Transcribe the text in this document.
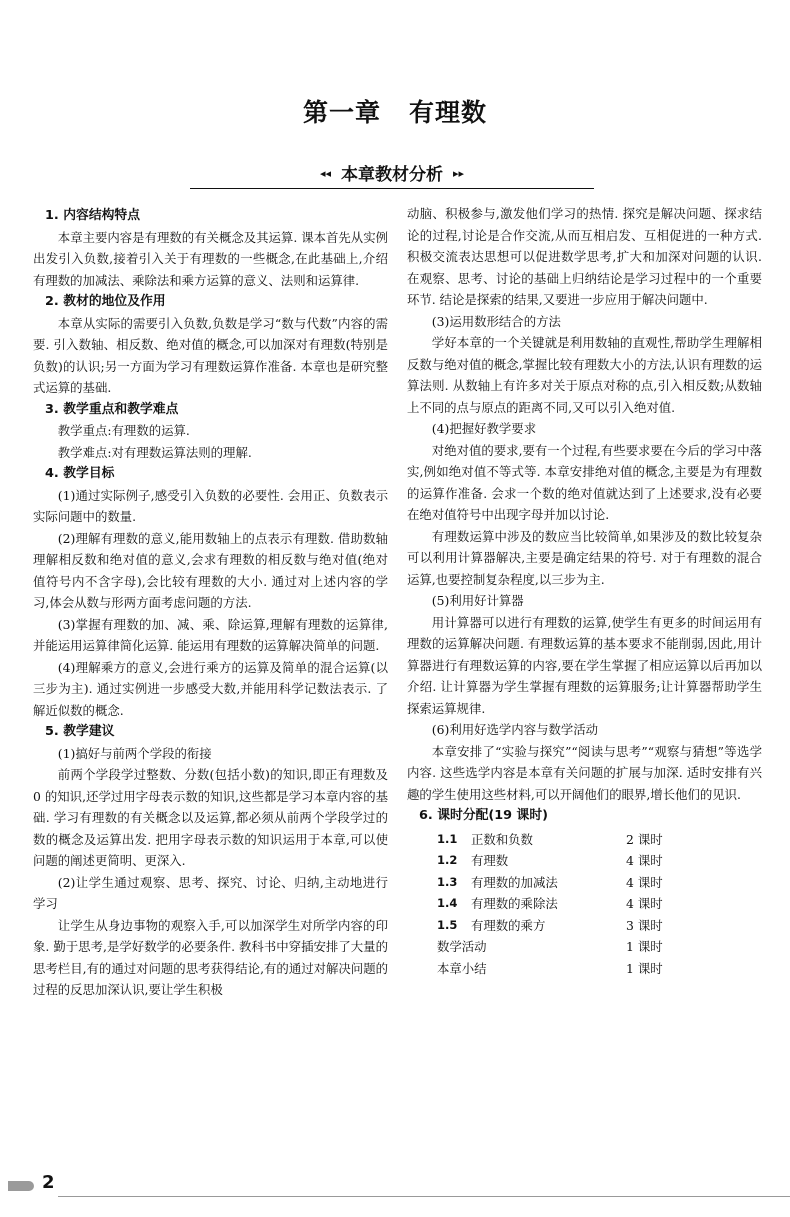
第一章 有理数
◂◂ 本章教材分析 ▸▸
1. 内容结构特点

本章主要内容是有理数的有关概念及其运算. 课本首先从实例出发引入负数,接着引入关于有理数的一些概念,在此基础上,介绍有理数的加减法、乘除法和乘方运算的意义、法则和运算律.

2. 教材的地位及作用

本章从实际的需要引入负数,负数是学习“数与代数”内容的需要. 引入数轴、相反数、绝对值的概念,可以加深对有理数(特别是负数)的认识;另一方面为学习有理数运算作准备. 本章也是研究整式运算的基础.

3. 教学重点和教学难点

教学重点:有理数的运算.

教学难点:对有理数运算法则的理解.

4. 教学目标

(1)通过实际例子,感受引入负数的必要性. 会用正、负数表示实际问题中的数量.

(2)理解有理数的意义,能用数轴上的点表示有理数. 借助数轴理解相反数和绝对值的意义,会求有理数的相反数与绝对值(绝对值符号内不含字母),会比较有理数的大小. 通过对上述内容的学习,体会从数与形两方面考虑问题的方法.

(3)掌握有理数的加、减、乘、除运算,理解有理数的运算律,并能运用运算律简化运算. 能运用有理数的运算解决简单的问题.

(4)理解乘方的意义,会进行乘方的运算及简单的混合运算(以三步为主). 通过实例进一步感受大数,并能用科学记数法表示. 了解近似数的概念.

5. 教学建议

(1)搞好与前两个学段的衔接

前两个学段学过整数、分数(包括小数)的知识,即正有理数及 0 的知识,还学过用字母表示数的知识,这些都是学习本章内容的基础. 学习有理数的有关概念以及运算,都必须从前两个学段学过的数的概念及运算出发. 把用字母表示数的知识运用于本章,可以使问题的阐述更简明、更深入.

(2)让学生通过观察、思考、探究、讨论、归纳,主动地进行学习

让学生从身边事物的观察入手,可以加深学生对所学内容的印象. 勤于思考,是学好数学的必要条件. 教科书中穿插安排了大量的思考栏目,有的通过对问题的思考获得结论,有的通过对解决问题的过程的反思加深认识,要让学生积极

动脑、积极参与,激发他们学习的热情. 探究是解决问题、探求结论的过程,讨论是合作交流,从而互相启发、互相促进的一种方式. 积极交流表达思想可以促进数学思考,扩大和加深对问题的认识. 在观察、思考、讨论的基础上归纳结论是学习过程中的一个重要环节. 结论是探索的结果,又要进一步应用于解决问题中.

(3)运用数形结合的方法

学好本章的一个关键就是利用数轴的直观性,帮助学生理解相反数与绝对值的概念,掌握比较有理数大小的方法,认识有理数的运算法则. 从数轴上有许多对关于原点对称的点,引入相反数;从数轴上不同的点与原点的距离不同,又可以引入绝对值.

(4)把握好教学要求

对绝对值的要求,要有一个过程,有些要求要在今后的学习中落实,例如绝对值不等式等. 本章安排绝对值的概念,主要是为有理数的运算作准备. 会求一个数的绝对值就达到了上述要求,没有必要在绝对值符号中出现字母并加以讨论.

有理数运算中涉及的数应当比较简单,如果涉及的数比较复杂可以利用计算器解决,主要是确定结果的符号. 对于有理数的混合运算,也要控制复杂程度,以三步为主.

(5)利用好计算器

用计算器可以进行有理数的运算,使学生有更多的时间运用有理数的运算解决问题. 有理数运算的基本要求不能削弱,因此,用计算器进行有理数运算的内容,要在学生掌握了相应运算以后再加以介绍. 让计算器为学生掌握有理数的运算服务;让计算器帮助学生探索运算规律.

(6)利用好选学内容与数学活动

本章安排了“实验与探究”“阅读与思考”“观察与猜想”等选学内容. 这些选学内容是本章有关问题的扩展与加深. 适时安排有兴趣的学生使用这些材料,可以开阔他们的眼界,增长他们的见识.

6. 课时分配(19 课时)
1.1	正数和负数	2 课时
1.2	有理数	4 课时
1.3	有理数的加减法	4 课时
1.4	有理数的乘除法	4 课时
1.5	有理数的乘方	3 课时
数学活动		1 课时
本章小结		1 课时
2
